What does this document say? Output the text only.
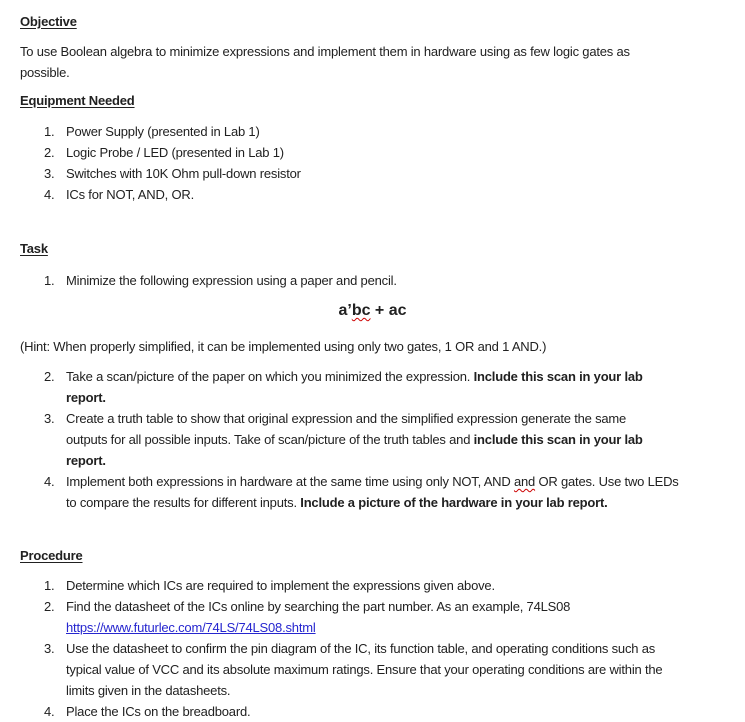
Objective
To use Boolean algebra to minimize expressions and implement them in hardware using as few logic gates as
possible.
Equipment Needed
1. Power Supply (presented in Lab 1)
2. Logic Probe / LED (presented in Lab 1)
3. Switches with 10K Ohm pull-down resistor
4. ICs for NOT, AND, OR.
Task
1. Minimize the following expression using a paper and pencil.
a’bc + ac
(Hint: When properly simplified, it can be implemented using only two gates, 1 OR and 1 AND.)
2. Take a scan/picture of the paper on which you minimized the expression. Include this scan in your lab
report.
3. Create a truth table to show that original expression and the simplified expression generate the same
outputs for all possible inputs. Take of scan/picture of the truth tables and include this scan in your lab
report.
4. Implement both expressions in hardware at the same time using only NOT, AND and OR gates. Use two LEDs
to compare the results for different inputs. Include a picture of the hardware in your lab report.
Procedure
1. Determine which ICs are required to implement the expressions given above.
2. Find the datasheet of the ICs online by searching the part number. As an example, 74LS08
https://www.futurlec.com/74LS/74LS08.shtml
3. Use the datasheet to confirm the pin diagram of the IC, its function table, and operating conditions such as
typical value of VCC and its absolute maximum ratings. Ensure that your operating conditions are within the
limits given in the datasheets.
4. Place the ICs on the breadboard.
